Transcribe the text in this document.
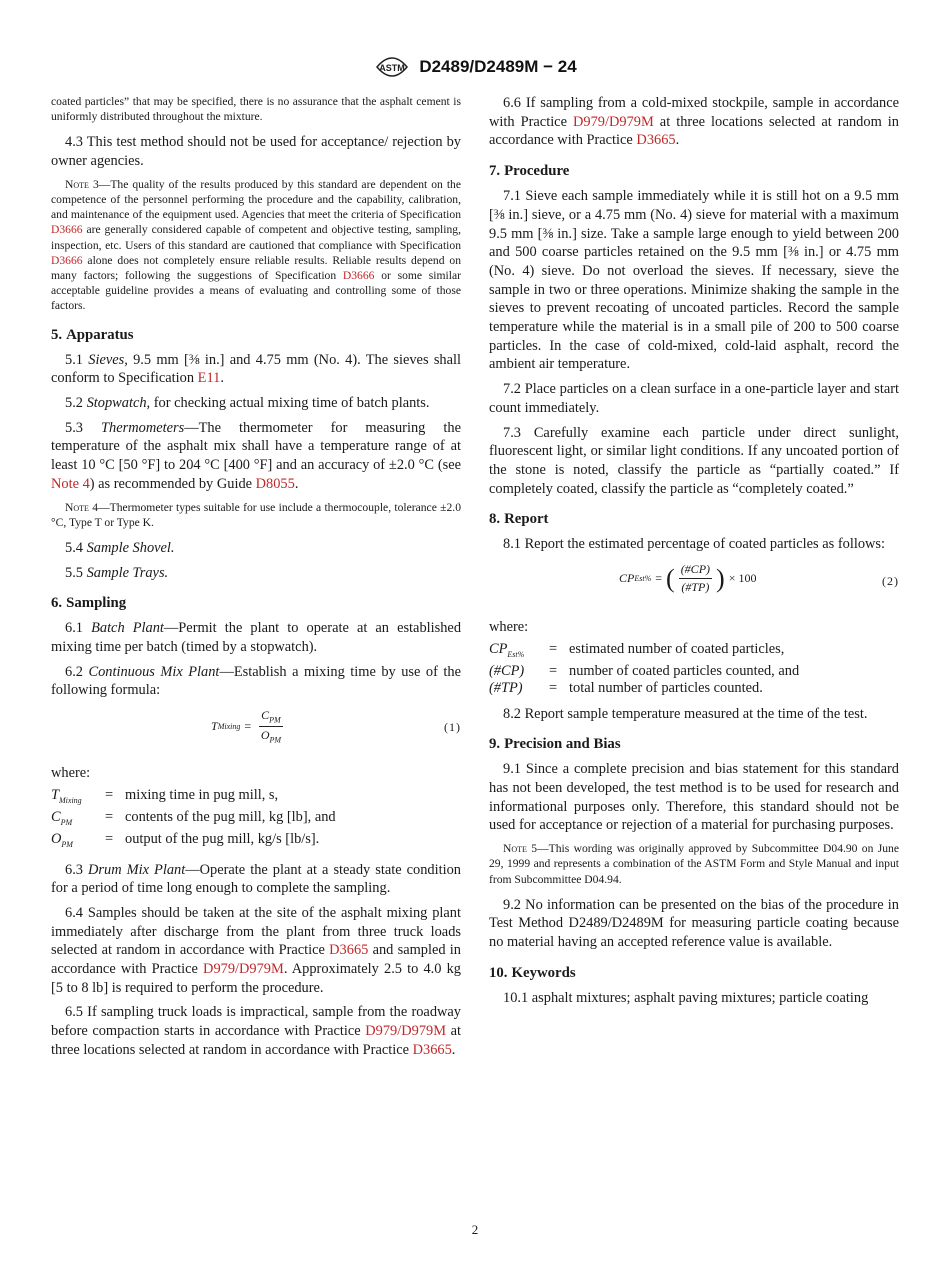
ASTM D2489/D2489M − 24

coated particles” that may be specified, there is no assurance that the asphalt cement is uniformly distributed throughout the mixture.

4.3 This test method should not be used for acceptance/ rejection by owner agencies.

Note 3—The quality of the results produced by this standard are dependent on the competence of the personnel performing the procedure and the capability, calibration, and maintenance of the equipment used. Agencies that meet the criteria of Specification D3666 are generally considered capable of competent and objective testing, sampling, inspection, etc. Users of this standard are cautioned that compliance with Specification D3666 alone does not completely ensure reliable results. Reliable results depend on many factors; following the suggestions of Specification D3666 or some similar acceptable guideline provides a means of evaluating and controlling some of those factors.

5. Apparatus

5.1 Sieves, 9.5 mm [⅜ in.] and 4.75 mm (No. 4). The sieves shall conform to Specification E11.

5.2 Stopwatch, for checking actual mixing time of batch plants.

5.3 Thermometers—The thermometer for measuring the temperature of the asphalt mix shall have a temperature range of at least 10 °C [50 °F] to 204 °C [400 °F] and an accuracy of ±2.0 °C (see Note 4) as recommended by Guide D8055.

Note 4—Thermometer types suitable for use include a thermocouple, tolerance ±2.0 °C, Type T or Type K.

5.4 Sample Shovel.

5.5 Sample Trays.

6. Sampling

6.1 Batch Plant—Permit the plant to operate at an established mixing time per batch (timed by a stopwatch).

6.2 Continuous Mix Plant—Establish a mixing time by use of the following formula:

T Mixing = $\frac{C_{PM}}{O_{PM}}$	(1)

where:

$T_{Mixing}$	= mixing time in pug mill, s,
$C_{PM}$	= contents of the pug mill, kg [lb], and
$O_{PM}$	= output of the pug mill, kg/s [lb/s].

6.3 Drum Mix Plant—Operate the plant at a steady state condition for a period of time long enough to complete the sampling.

6.4 Samples should be taken at the site of the asphalt mixing plant immediately after discharge from the plant from three truck loads selected at random in accordance with Practice D3665 and sampled in accordance with Practice D979/D979M. Approximately 2.5 to 4.0 kg [5 to 8 lb] is required to perform the procedure.

6.5 If sampling truck loads is impractical, sample from the roadway before compaction starts in accordance with Practice D979/D979M at three locations selected at random in accordance with Practice D3665.

6.6 If sampling from a cold-mixed stockpile, sample in accordance with Practice D979/D979M at three locations selected at random in accordance with Practice D3665.

7. Procedure

7.1 Sieve each sample immediately while it is still hot on a 9.5 mm [⅜ in.] sieve, or a 4.75 mm (No. 4) sieve for material with a maximum 9.5 mm [⅜ in.] size. Take a sample large enough to yield between 200 and 500 coarse particles retained on the 9.5 mm [⅜ in.] or 4.75 mm (No. 4) sieve. Do not overload the sieves. If necessary, sieve the sample in two or three operations. Minimize shaking the sample in the sieves to prevent recoating of uncoated particles. Record the sample temperature while the material is in a small pile of 200 to 500 coarse particles. In the case of cold-mixed, cold-laid asphalt, record the ambient air temperature.

7.2 Place particles on a clean surface in a one-particle layer and start count immediately.

7.3 Carefully examine each particle under direct sunlight, fluorescent light, or similar light conditions. If any uncoated portion of the stone is noted, classify the particle as “partially coated.” If completely coated, classify the particle as “completely coated.”

8. Report

8.1 Report the estimated percentage of coated particles as follows:

CP Est% = ( $\frac{(\#CP)}{(\#TP)}$ ) × 100	(2)

where:

$CP_{Est\%}$	= estimated number of coated particles,
(#CP)	= number of coated particles counted, and
(#TP)	= total number of particles counted.

8.2 Report sample temperature measured at the time of the test.

9. Precision and Bias

9.1 Since a complete precision and bias statement for this standard has not been developed, the test method is to be used for research and informational purposes only. Therefore, this standard should not be used for acceptance or rejection of a material for purchasing purposes.

Note 5—This wording was originally approved by Subcommittee D04.90 on June 29, 1999 and represents a combination of the ASTM Form and Style Manual and input from Subcommittee D04.94.

9.2 No information can be presented on the bias of the procedure in Test Method D2489/D2489M for measuring particle coating because no material having an accepted reference value is available.

10. Keywords

10.1 asphalt mixtures; asphalt paving mixtures; particle coating

2
